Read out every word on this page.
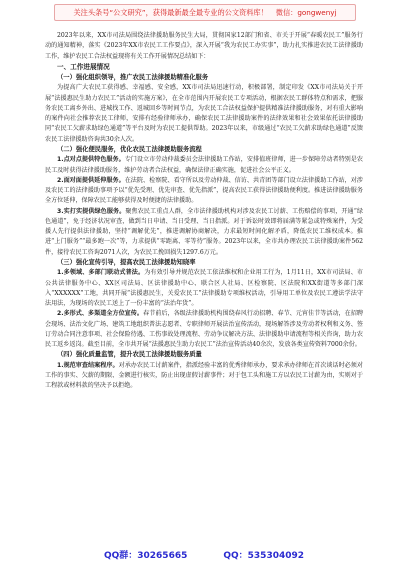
关注头条号“公文研究”，获得最新最全最专业的公文资料库！ 微信：gongwenyj

2023年以来，XX市司法局围绕法律援助服务民生大局，贯彻国家12部门和省、市关于开展“春暖农民工”服务行动的通知精神，落实《2023年XX市农民工工作要点》，深入开展“我为农民工办实事”，助力扎实推进农民工法律援助工作，维护农民工合法权益现将有关工作开展情况总结如下：

一、工作进展情况

（一）强化组织领导，推广农民工法律援助精准化服务

为提高广大农民工获得感、幸福感、安全感，XX市司法局迅速行动，积极部署，制定印发《XX市司法局关于开展“法援惠民生助力农民工”活动的实施方案》，在全市范围内开展农民工专项活动，根据农民工群体特点和需求，把服务农民工离乡外出、进城找工作、返城回乡等时间节点，为农民工合法权益保护提供精准法律援助服务，对有重大影响的案件向社会推荐农民工律师，安排有经验律师承办，确保农民工法律援助案件的法律效果和社会效果依托法律援助同“农民工欠薪求助绿色通道”等平台及时为农民工提供帮助。2023年以来，市级通过“农民工欠薪求助绿色通道”反馈农民工法律援助咨询共30余人次。

（二）强化便民服务，优化农民工法律援助服务流程

1.点对点提供特色服务。专门设立市劳动仲裁委员会法律援助工作站，安排值班律师，进一步保障劳动者特别是农民工及时获得法律援助服务，维护劳动者合法权益，确保法律正确实施，促进社会公平正义。

2.面对面提供延伸服务。在法院、检察院、看守所以及劳动仲裁、信访、共青团等部门设立法律援助工作站，对涉及农民工的法律援助事项予以“优先受理、优先审查、优先指派”，提高农民工获得法律援助便利度。推进法律援助服务全方位延伸，保障农民工能够获得及时便捷的法律援助。

3.实打实提供绿色服务。聚焦农民工重点人群，全市法律援助机构对涉及农民工讨薪、工伤赔偿的事项，开通“绿色通道”，免于经济状况审查，做到当日申请、当日受理、当日指派。对于诉讼时效即将届满等紧急或特殊案件，为受援人先行提供法律援助，坚持“调解优先”，推进调解协商解决，力求最短时间化解矛盾，降低农民工维权成本。推进“上门服务”“最多跑一次”等，力求提供“零距离、零等待”服务。2023年以来，全市共办理农民工法律援助案件562件，接待农民工咨询2071人次，为农民工挽回损失1297.6万元。

（三）强化宣传引导，提高农民工法律援助知晓率

1.多领域、多部门联动式普法。为有效引导并规范农民工依法维权和企业用工行为，1月11日，XX市司法局、市公共法律服务中心、XX区司法局、区法律援助中心、联合区人社局、区检察院、区法院和XX街道等多部门深入“XXXXXX”工地，共同开展“法援惠民生，关爱农民工”法律援助专项维权活动，引导用工单位及农民工遵法学法守法用法，为现场的农民工送上了一份丰富的“法治年货”。

2.多形式、多渠道全方位宣传。春节前后，各级法律援助机构围绕春风行动招聘、春节、元宵佳节等活动，在招聘会现场、法治文化广场、建筑工地组织普法志愿者、专职律师开展法治宣传活动，现场解答涉及劳动者权利和义务、签订劳动合同注意事项、社会保险待遇、工伤事故处理流程、劳动争议解决方法、法律援助申请流程等相关咨询，助力农民工返乡返岗。截至目前，全市共开展“法援惠民生助力农民工”法治宣传活动40余次，发放各类宣传资料7000余份。

（四）强化质量监管，提升农民工法律援助服务质量

1.规范审查结案程序。对承办农民工讨薪案件，指派经验丰富的优秀律师承办，要求承办律师在首次谈话时必须对工作的事实、欠薪的期限、金额进行核实，防止出现虚假讨薪事件；对于包工头和施工方以农民工讨薪为由，实则对于工程款或材料款的坚决予以拒绝。

QQ群：30265665	QQ：535304092
